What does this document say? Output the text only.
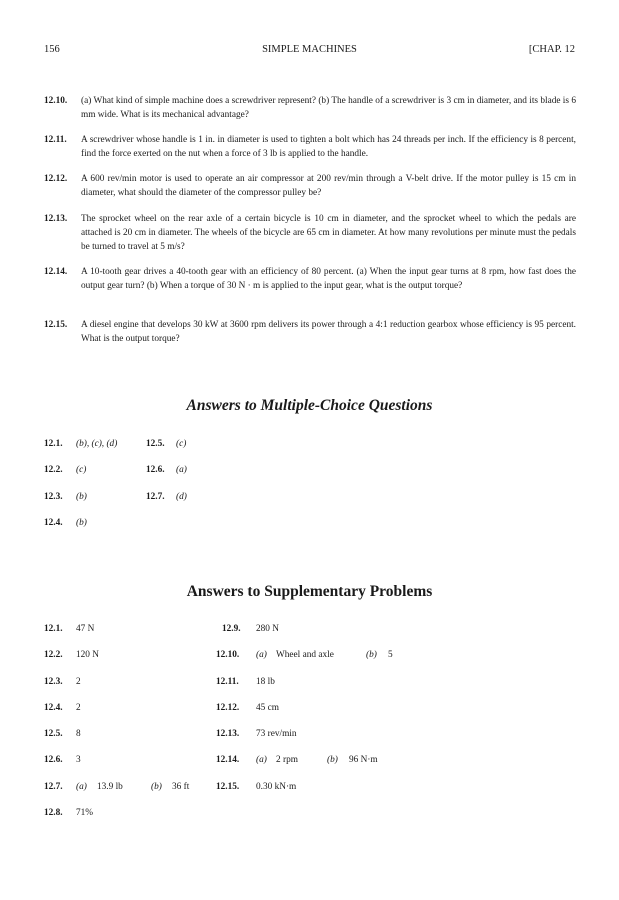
156	SIMPLE MACHINES	[CHAP. 12
12.10. (a) What kind of simple machine does a screwdriver represent? (b) The handle of a screwdriver is 3 cm in diameter, and its blade is 6 mm wide. What is its mechanical advantage?
12.11. A screwdriver whose handle is 1 in. in diameter is used to tighten a bolt which has 24 threads per inch. If the efficiency is 8 percent, find the force exerted on the nut when a force of 3 lb is applied to the handle.
12.12. A 600 rev/min motor is used to operate an air compressor at 200 rev/min through a V-belt drive. If the motor pulley is 15 cm in diameter, what should the diameter of the compressor pulley be?
12.13. The sprocket wheel on the rear axle of a certain bicycle is 10 cm in diameter, and the sprocket wheel to which the pedals are attached is 20 cm in diameter. The wheels of the bicycle are 65 cm in diameter. At how many revolutions per minute must the pedals be turned to travel at 5 m/s?
12.14. A 10-tooth gear drives a 40-tooth gear with an efficiency of 80 percent. (a) When the input gear turns at 8 rpm, how fast does the output gear turn? (b) When a torque of 30 N · m is applied to the input gear, what is the output torque?
12.15. A diesel engine that develops 30 kW at 3600 rpm delivers its power through a 4:1 reduction gearbox whose efficiency is 95 percent. What is the output torque?
Answers to Multiple-Choice Questions
12.1. (b), (c), (d)
12.2. (c)
12.3. (b)
12.4. (b)
12.5. (c)
12.6. (a)
12.7. (d)
Answers to Supplementary Problems
12.1. 47 N
12.2. 120 N
12.3. 2
12.4. 2
12.5. 8
12.6. 3
12.7. (a) 13.9 lb	(b) 36 ft
12.8. 71%
12.9. 280 N
12.10. (a) Wheel and axle	(b) 5
12.11. 18 lb
12.12. 45 cm
12.13. 73 rev/min
12.14. (a) 2 rpm	(b) 96 N·m
12.15. 0.30 kN·m
